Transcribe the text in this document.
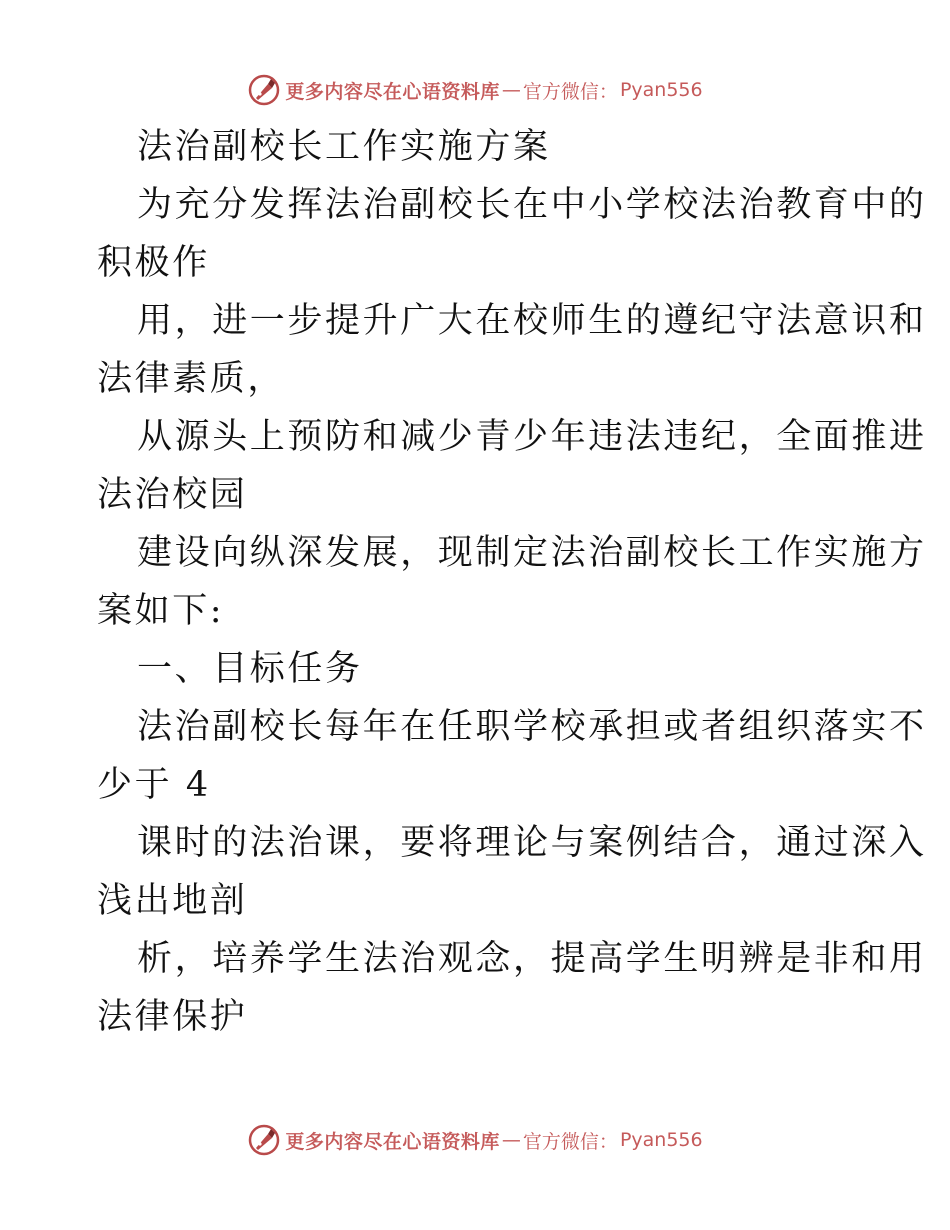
更多内容尽在心语资料库 — 官方微信： Pyan556
法治副校长工作实施方案
为充分发挥法治副校长在中小学校法治教育中的
积极作
用，进一步提升广大在校师生的遵纪守法意识和
法律素质，
从源头上预防和减少青少年违法违纪，全面推进
法治校园
建设向纵深发展，现制定法治副校长工作实施方
案如下:
一、目标任务
法治副校长每年在任职学校承担或者组织落实不
少于 4
课时的法治课，要将理论与案例结合，通过深入
浅出地剖
析，培养学生法治观念，提高学生明辨是非和用
法律保护
更多内容尽在心语资料库 — 官方微信： Pyan556
